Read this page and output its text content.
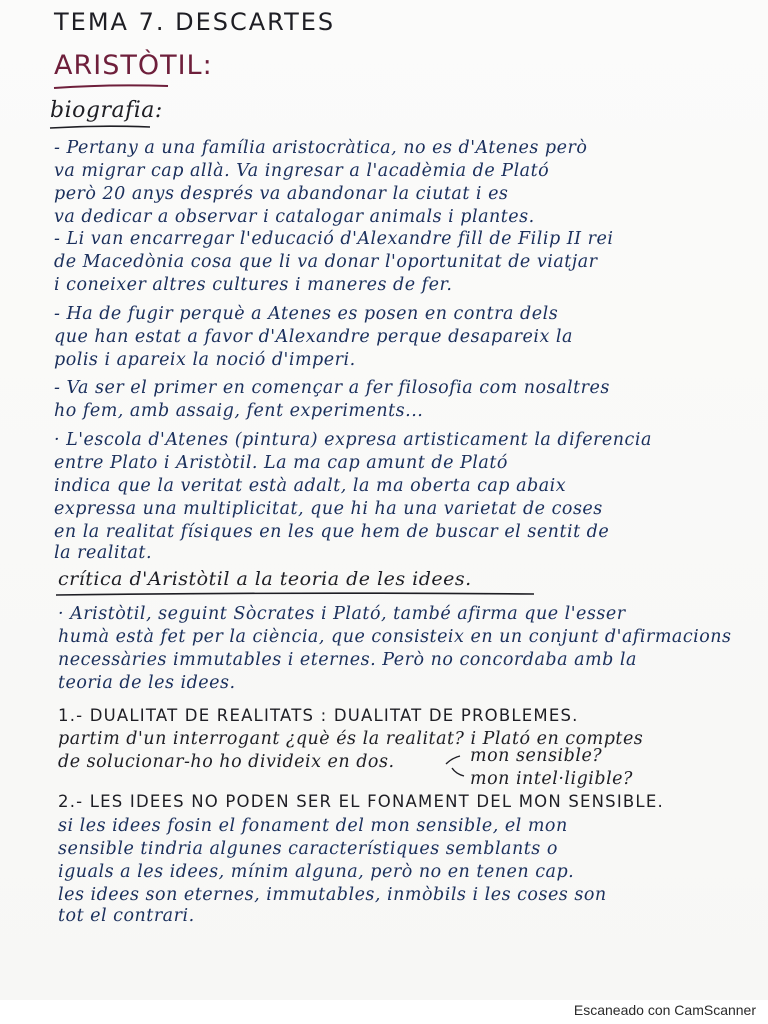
TEMA 7. DESCARTES
ARISTÒTIL:
biografia:
- Pertany a una família aristocràtica, no es d'Atenes però
va migrar cap allà. Va ingresar a l'acadèmia de Plató
però 20 anys després va abandonar la ciutat i es
va dedicar a observar i catalogar animals i plantes.
- Li van encarregar l'educació d'Alexandre fill de Filip II rei
de Macedònia cosa que li va donar l'oportunitat de viatjar
i coneixer altres cultures i maneres de fer.
- Ha de fugir perquè a Atenes es posen en contra dels
que han estat a favor d'Alexandre perque desapareix la
polis i apareix la noció d'imperi.
- Va ser el primer en començar a fer filosofia com nosaltres
ho fem, amb assaig, fent experiments...
· L'escola d'Atenes (pintura) expresa artisticament la diferencia
entre Plato i Aristòtil. La ma cap amunt de Plató
indica que la veritat està adalt, la ma oberta cap abaix
expressa una multiplicitat, que hi ha una varietat de coses
en la realitat físiques en les que hem de buscar el sentit de
la realitat.
crítica d'Aristòtil a la teoria de les idees.
· Aristòtil, seguint Sòcrates i Plató, també afirma que l'esser
humà està fet per la ciència, que consisteix en un conjunt d'afirmacions
necessàries immutables i eternes. Però no concordaba amb la
teoria de les idees.
1.- DUALITAT DE REALITATS : DUALITAT DE PROBLEMES.
partim d'un interrogant ¿què és la realitat? i Plató en comptes
de solucionar-ho ho divideix en dos.	mon sensible?
mon intel·ligible?
2.- LES IDEES NO PODEN SER EL FONAMENT DEL MON SENSIBLE.
si les idees fosin el fonament del mon sensible, el mon
sensible tindria algunes característiques semblants o
iguals a les idees, mínim alguna, però no en tenen cap.
les idees son eternes, immutables, inmòbils i les coses son
tot el contrari.
Escaneado con CamScanner
